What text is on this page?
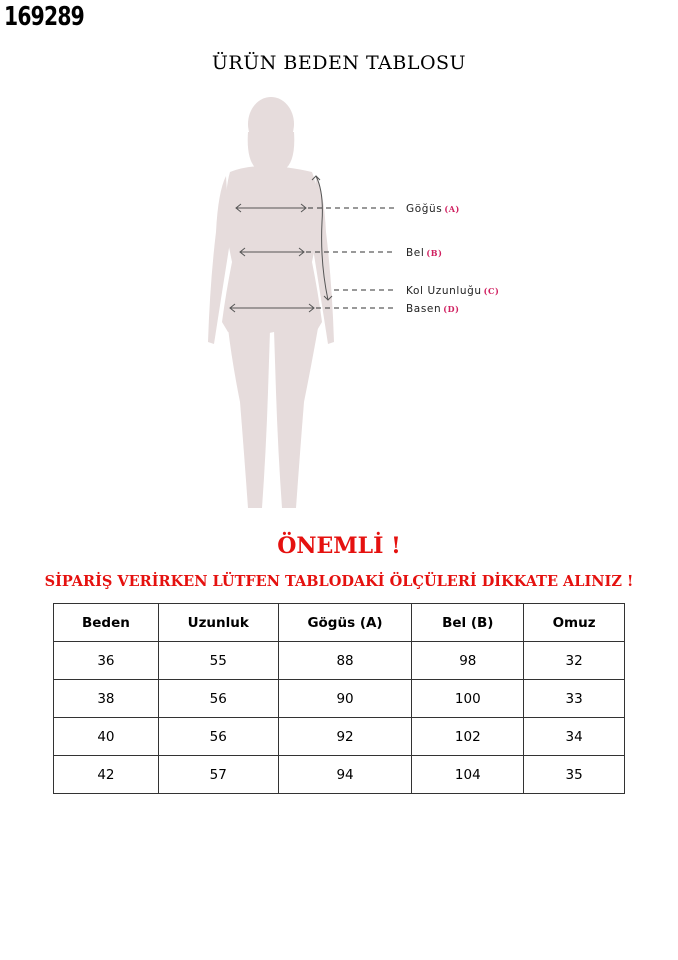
169289
ÜRÜN BEDEN TABLOSU
Göğüs (A)
Bel (B)
Kol Uzunluğu (C)
Basen (D)
ÖNEMLİ !
SİPARİŞ VERİRKEN LÜTFEN TABLODAKİ ÖLÇÜLERİ DİKKATE ALINIZ !
Beden	Uzunluk	Gögüs (A)	Bel (B)	Omuz
36	55	88	98	32
38	56	90	100	33
40	56	92	102	34
42	57	94	104	35
